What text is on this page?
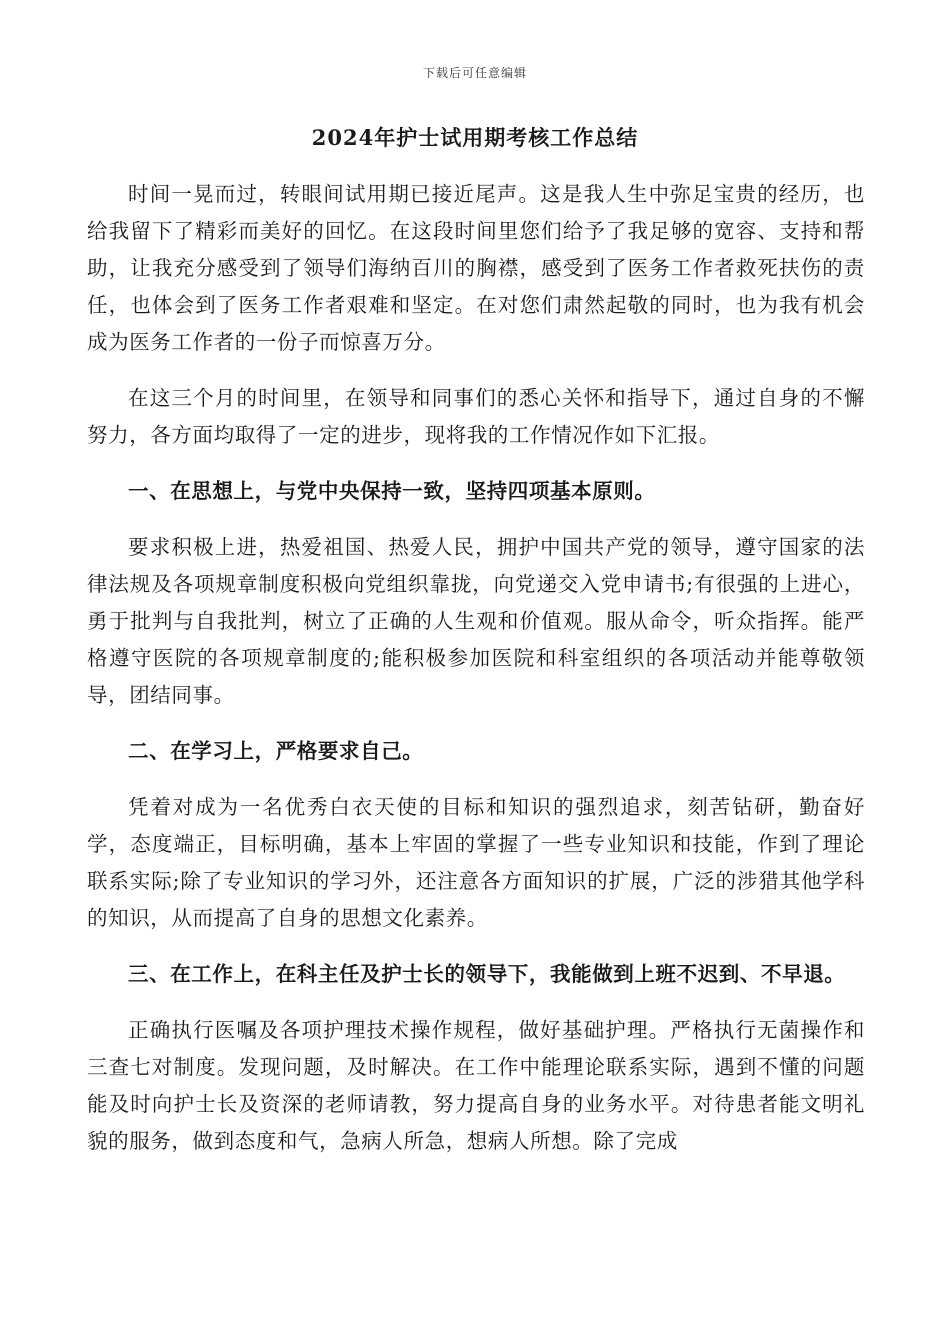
下载后可任意编辑
2024年护士试用期考核工作总结

时间一晃而过，转眼间试用期已接近尾声。这是我人生中弥足宝贵的经历，也给我留下了精彩而美好的回忆。在这段时间里您们给予了我足够的宽容、支持和帮助，让我充分感受到了领导们海纳百川的胸襟，感受到了医务工作者救死扶伤的责任，也体会到了医务工作者艰难和坚定。在对您们肃然起敬的同时，也为我有机会成为医务工作者的一份子而惊喜万分。

在这三个月的时间里，在领导和同事们的悉心关怀和指导下，通过自身的不懈努力，各方面均取得了一定的进步，现将我的工作情况作如下汇报。

一、在思想上，与党中央保持一致，坚持四项基本原则。

要求积极上进，热爱祖国、热爱人民，拥护中国共产党的领导，遵守国家的法律法规及各项规章制度积极向党组织靠拢，向党递交入党申请书;有很强的上进心，勇于批判与自我批判，树立了正确的人生观和价值观。服从命令，听众指挥。能严格遵守医院的各项规章制度的;能积极参加医院和科室组织的各项活动并能尊敬领导，团结同事。

二、在学习上，严格要求自己。

凭着对成为一名优秀白衣天使的目标和知识的强烈追求，刻苦钻研，勤奋好学，态度端正，目标明确，基本上牢固的掌握了一些专业知识和技能，作到了理论联系实际;除了专业知识的学习外，还注意各方面知识的扩展，广泛的涉猎其他学科的知识，从而提高了自身的思想文化素养。

三、在工作上，在科主任及护士长的领导下，我能做到上班不迟到、不早退。

正确执行医嘱及各项护理技术操作规程，做好基础护理。严格执行无菌操作和三查七对制度。发现问题，及时解决。在工作中能理论联系实际，遇到不懂的问题能及时向护士长及资深的老师请教，努力提高自身的业务水平。对待患者能文明礼貌的服务，做到态度和气，急病人所急，想病人所想。除了完成
